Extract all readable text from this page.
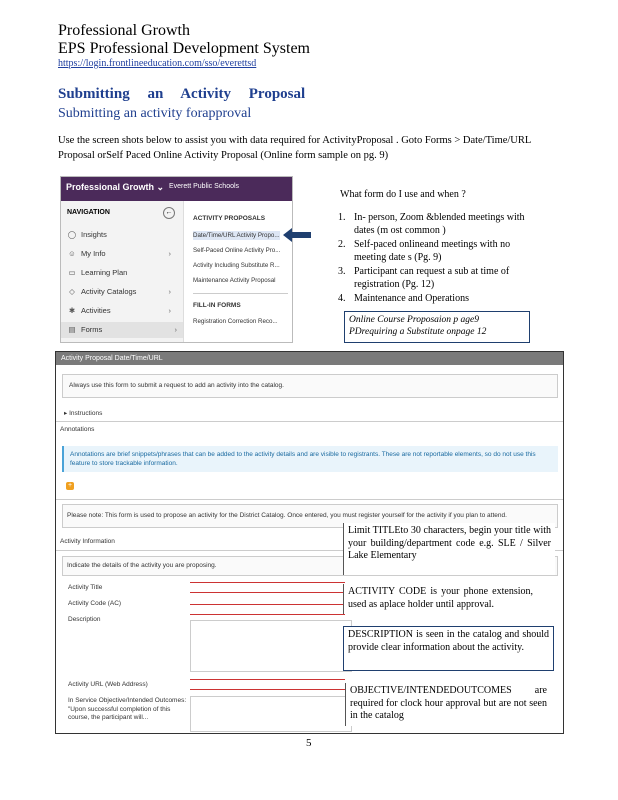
Professional Growth
EPS Professional Development System
https://login.frontlineeducation.com/sso/everettsd
Submitting an Activity Proposal
Submitting an activity forapproval
Use the screen shots below to assist you with data required for ActivityProposal . Goto Forms > Date/Time/URL Proposal orSelf Paced Online Activity Proposal (Online form sample on pg. 9)
Professional Growth ⌄ Everett Public Schools
NAVIGATION	←
◯ Insights
☺ My Info	›
▭ Learning Plan
◇ Activity Catalogs	›
✱ Activities	›
▤ Forms	›
ACTIVITY PROPOSALS
Date/Time/URL Activity Propo...
Self-Paced Online Activity Pro...
Activity Including Substitute R...
Maintenance Activity Proposal
FILL-IN FORMS
Registration Correction Reco...
What form do I use and when ?
1. In- person, Zoom &blended meetings with dates (m ost common )
2. Self-paced onlineand meetings with no meeting date s (Pg. 9)
3. Participant can request a sub at time of registration (Pg. 12)
4. Maintenance and Operations
Online Course Proposaion p age9
PDrequiring a Substitute onpage 12
Activity Proposal Date/Time/URL
Always use this form to submit a request to add an activity into the catalog.
▸ Instructions
Annotations
Annotations are brief snippets/phrases that can be added to the activity details and are visible to registrants. These are not reportable elements, so do not use this feature to store trackable information.
+
Please note: This form is used to propose an activity for the District Catalog. Once entered, you must register yourself for the activity if you plan to attend.
Activity Information
Indicate the details of the activity you are proposing.
Activity Title
Activity Code (AC)
Description
Activity URL (Web Address)
In Service Objective/Intended Outcomes: "Upon successful completion of this course, the participant will...
Limit TITLEto 30 characters, begin your title with your building/department code e.g. SLE / Silver Lake Elementary
ACTIVITY CODE is your phone extension, used as aplace holder until approval.
DESCRIPTION is seen in the catalog and should provide clear information about the activity.
OBJECTIVE/INTENDEDOUTCOMES are required for clock hour approval but are not seen in the catalog
5
